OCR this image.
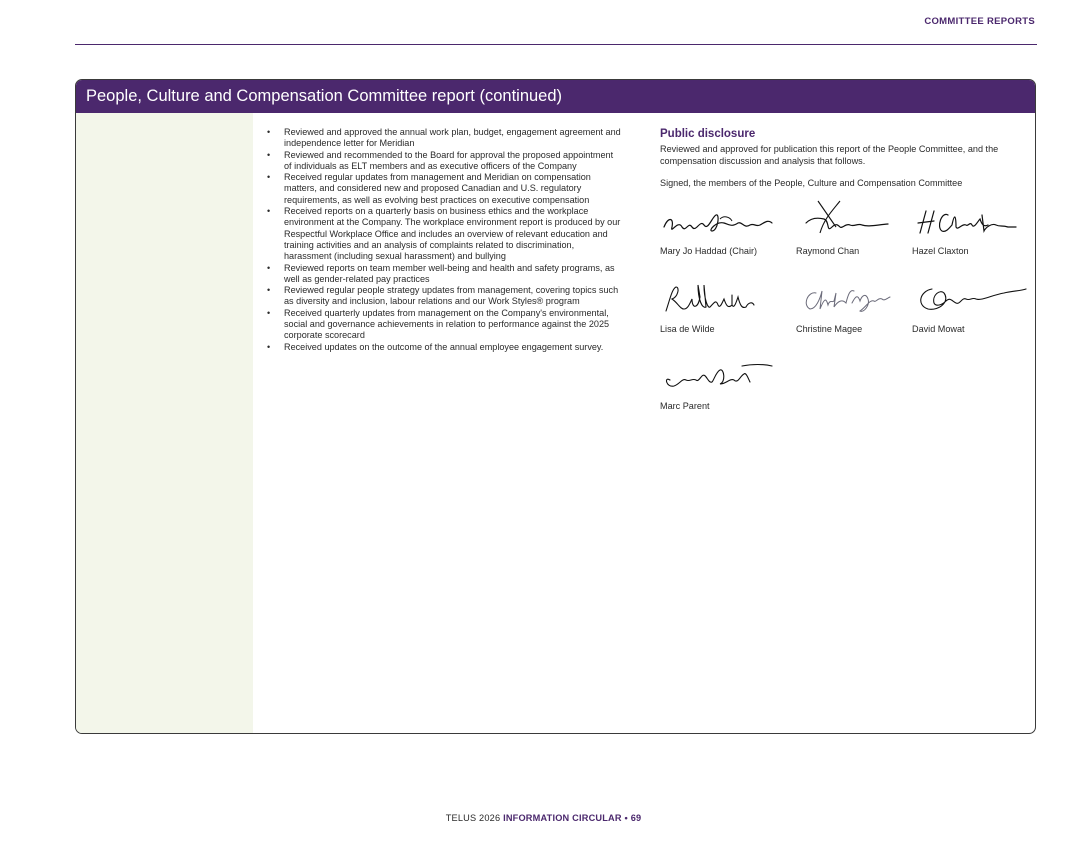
COMMITTEE REPORTS
People, Culture and Compensation Committee report (continued)
• Reviewed and approved the annual work plan, budget, engagement agreement and independence letter for Meridian
• Reviewed and recommended to the Board for approval the proposed appointment of individuals as ELT members and as executive officers of the Company
• Received regular updates from management and Meridian on compensation matters, and considered new and proposed Canadian and U.S. regulatory requirements, as well as evolving best practices on executive compensation
• Received reports on a quarterly basis on business ethics and the workplace environment at the Company. The workplace environment report is produced by our Respectful Workplace Office and includes an overview of relevant education and training activities and an analysis of complaints related to discrimination, harassment (including sexual harassment) and bullying
• Reviewed reports on team member well-being and health and safety programs, as well as gender-related pay practices
• Reviewed regular people strategy updates from management, covering topics such as diversity and inclusion, labour relations and our Work Styles® program
• Received quarterly updates from management on the Company's environmental, social and governance achievements in relation to performance against the 2025 corporate scorecard
• Received updates on the outcome of the annual employee engagement survey.
Public disclosure

Reviewed and approved for publication this report of the People Committee, and the compensation discussion and analysis that follows.

Signed, the members of the People, Culture and Compensation Committee

Mary Jo Haddad (Chair)	Raymond Chan	Hazel Claxton
Lisa de Wilde	Christine Magee	David Mowat
Marc Parent
TELUS 2026 INFORMATION CIRCULAR • 69
